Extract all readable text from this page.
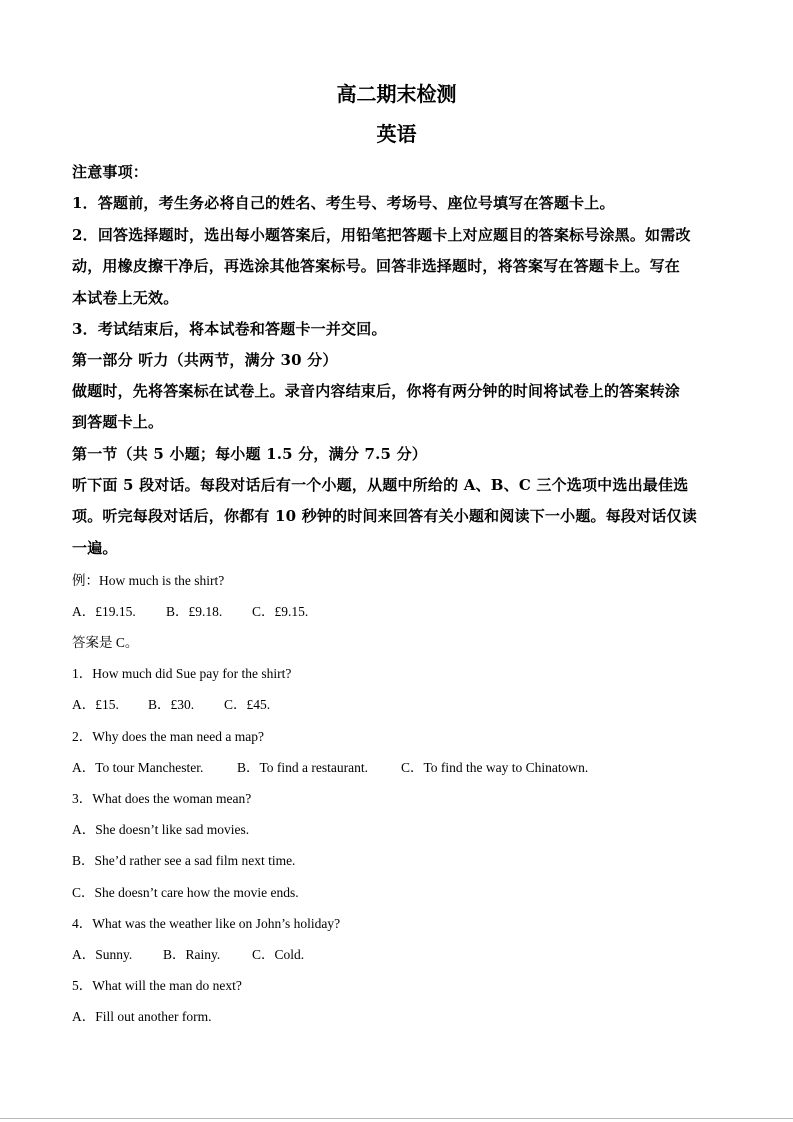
高二期末检测
英语
注意事项：
1．答题前，考生务必将自己的姓名、考生号、考场号、座位号填写在答题卡上。
2．回答选择题时，选出每小题答案后，用铅笔把答题卡上对应题目的答案标号涂黑。如需改
动，用橡皮擦干净后，再选涂其他答案标号。回答非选择题时，将答案写在答题卡上。写在
本试卷上无效。
3．考试结束后，将本试卷和答题卡一并交回。
第一部分 听力（共两节，满分 30 分）
做题时，先将答案标在试卷上。录音内容结束后，你将有两分钟的时间将试卷上的答案转涂
到答题卡上。
第一节（共 5 小题；每小题 1.5 分，满分 7.5 分）
听下面 5 段对话。每段对话后有一个小题，从题中所给的 A、B、C 三个选项中选出最佳选
项。听完每段对话后，你都有 10 秒钟的时间来回答有关小题和阅读下一小题。每段对话仅读
一遍。
例：How much is the shirt?
A．£19.15. B．£9.18. C．£9.15.
答案是 C。
1．How much did Sue pay for the shirt?
A．£15. B．£30. C．£45.
2．Why does the man need a map?
A．To tour Manchester. B．To find a restaurant. C．To find the way to Chinatown.
3．What does the woman mean?
A．She doesn’t like sad movies.
B．She’d rather see a sad film next time.
C．She doesn’t care how the movie ends.
4．What was the weather like on John’s holiday?
A．Sunny. B．Rainy. C．Cold.
5．What will the man do next?
A．Fill out another form.
